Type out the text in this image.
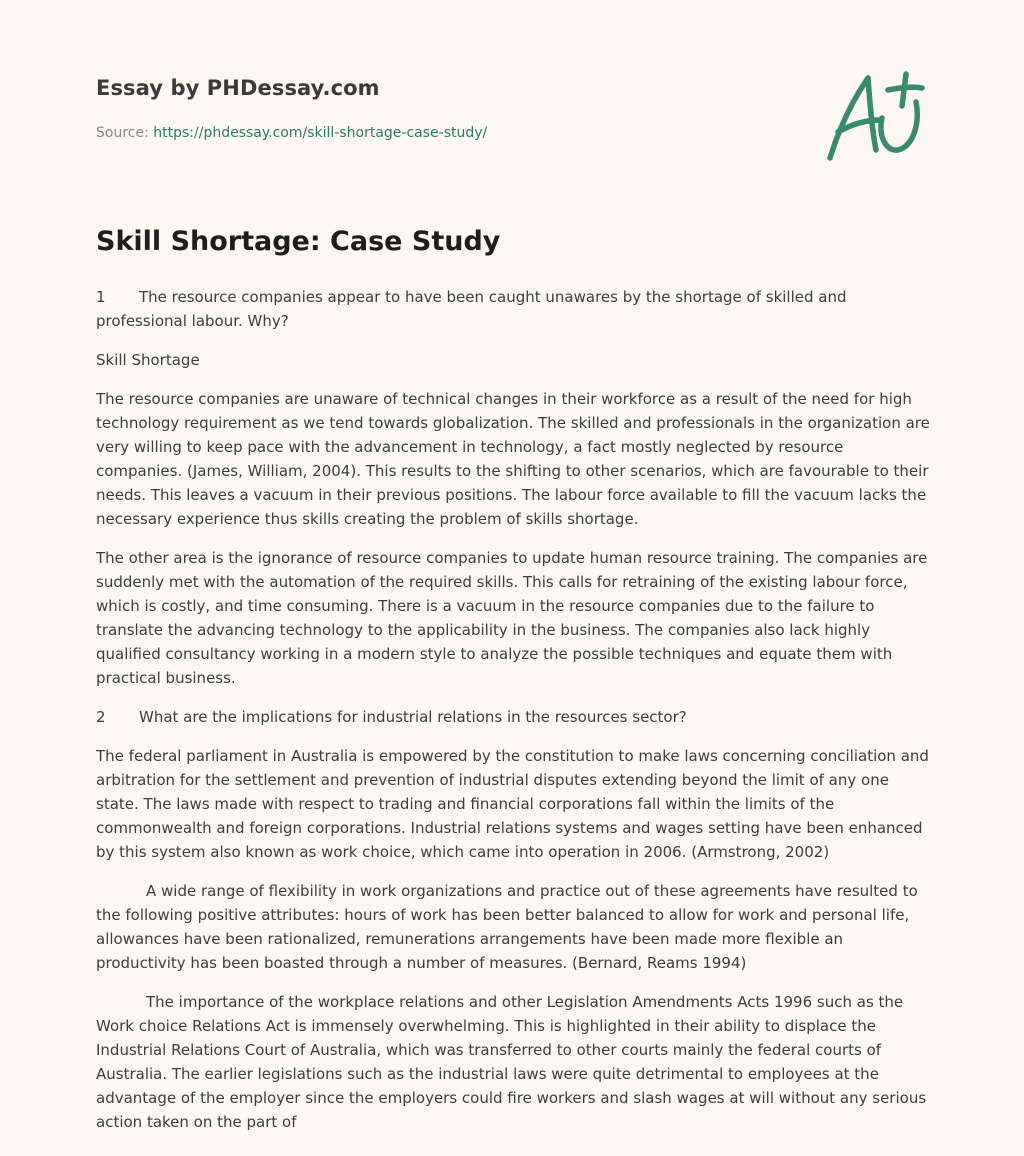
Essay by PHDessay.com
Source: https://phdessay.com/skill-shortage-case-study/
Skill Shortage: Case Study

1 The resource companies appear to have been caught unawares by the shortage of skilled and professional labour. Why?

Skill Shortage

The resource companies are unaware of technical changes in their workforce as a result of the need for high technology requirement as we tend towards globalization. The skilled and professionals in the organization are very willing to keep pace with the advancement in technology, a fact mostly neglected by resource companies. (James, William, 2004). This results to the shifting to other scenarios, which are favourable to their needs. This leaves a vacuum in their previous positions. The labour force available to fill the vacuum lacks the necessary experience thus skills creating the problem of skills shortage.

The other area is the ignorance of resource companies to update human resource training. The companies are suddenly met with the automation of the required skills. This calls for retraining of the existing labour force, which is costly, and time consuming. There is a vacuum in the resource companies due to the failure to translate the advancing technology to the applicability in the business. The companies also lack highly qualified consultancy working in a modern style to analyze the possible techniques and equate them with practical business.

2 What are the implications for industrial relations in the resources sector?

The federal parliament in Australia is empowered by the constitution to make laws concerning conciliation and arbitration for the settlement and prevention of industrial disputes extending beyond the limit of any one state. The laws made with respect to trading and financial corporations fall within the limits of the commonwealth and foreign corporations. Industrial relations systems and wages setting have been enhanced by this system also known as work choice, which came into operation in 2006. (Armstrong, 2002)

A wide range of flexibility in work organizations and practice out of these agreements have resulted to the following positive attributes: hours of work has been better balanced to allow for work and personal life, allowances have been rationalized, remunerations arrangements have been made more flexible an productivity has been boasted through a number of measures. (Bernard, Reams 1994)

The importance of the workplace relations and other Legislation Amendments Acts 1996 such as the Work choice Relations Act is immensely overwhelming. This is highlighted in their ability to displace the Industrial Relations Court of Australia, which was transferred to other courts mainly the federal courts of Australia. The earlier legislations such as the industrial laws were quite detrimental to employees at the advantage of the employer since the employers could fire workers and slash wages at will without any serious action taken on the part of
